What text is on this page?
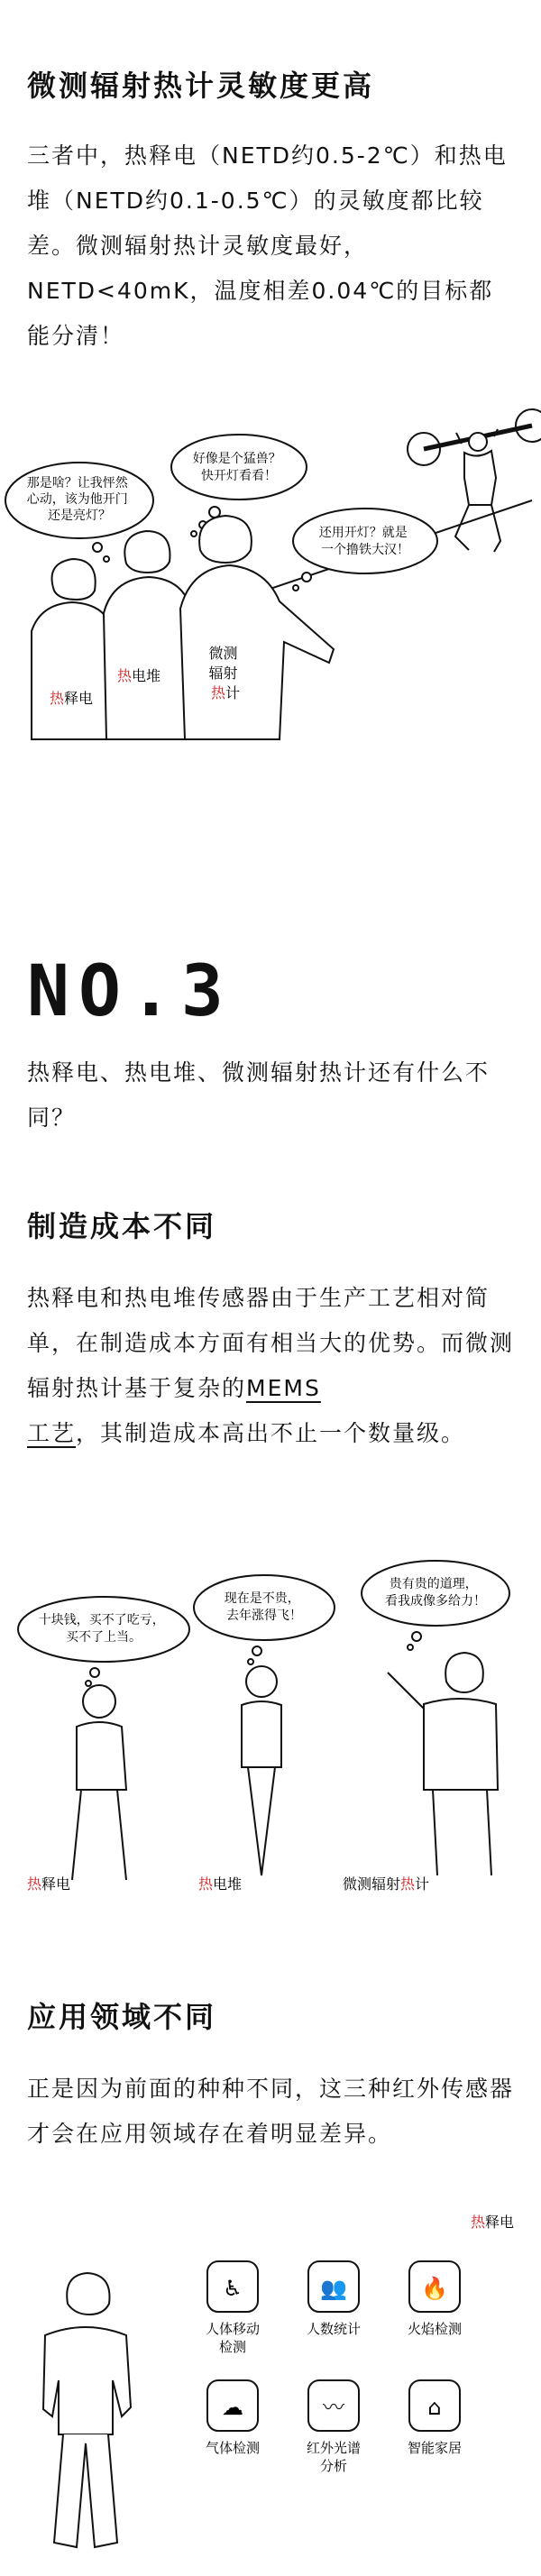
微测辐射热计灵敏度更高

三者中，热释电（NETD约0.5-2℃）和热电堆（NETD约0.1-0.5℃）的灵敏度都比较差。微测辐射热计灵敏度最好，NETD<40mK，温度相差0.04℃的目标都能分清！

那是啥？让我怦然 心动，该为他开门 还是亮灯？
好像是个猛兽？ 快开灯看看！
还用开灯？就是 一个撸铁大汉！
热释电
热电堆
微测 辐射 热计
NO.3

热释电、热电堆、微测辐射热计还有什么不同？

制造成本不同

热释电和热电堆传感器由于生产工艺相对简单，在制造成本方面有相当大的优势。而微测辐射热计基于复杂的MEMS
工艺，其制造成本高出不止一个数量级。

十块钱，买不了吃亏， 买不了上当。
现在是不贵， 去年涨得飞！
贵有贵的道理， 看我成像多给力！
热释电	热电堆	微测辐射热计
应用领域不同

正是因为前面的种种不同，这三种红外传感器才会在应用领域存在着明显差异。

热释电
♿
人体移动检测
👥
人数统计
🔥
火焰检测
☁
气体检测
〰
红外光谱分析
⌂
智能家居
